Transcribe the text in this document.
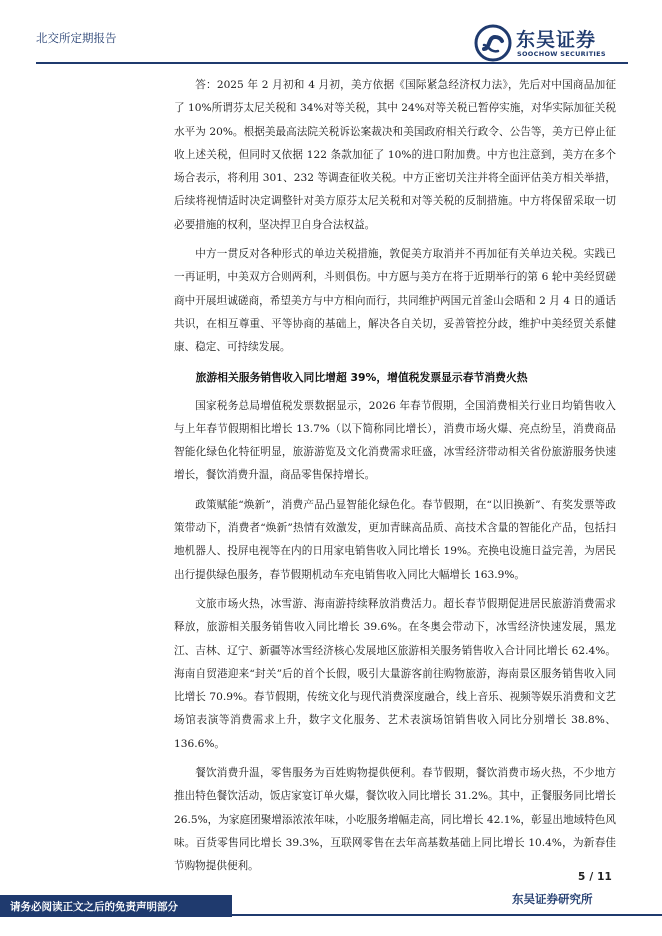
北交所定期报告	东吴证券
SOOCHOW SECURITIES

答：2025 年 2 月初和 4 月初，美方依据《国际紧急经济权力法》，先后对中国商品加征了 10%所谓芬太尼关税和 34%对等关税，其中 24%对等关税已暂停实施，对华实际加征关税水平为 20%。根据美最高法院关税诉讼案裁决和美国政府相关行政令、公告等，美方已停止征收上述关税，但同时又依据 122 条款加征了 10%的进口附加费。中方也注意到，美方在多个场合表示，将利用 301、232 等调查征收关税。中方正密切关注并将全面评估美方相关举措，后续将视情适时决定调整针对美方原芬太尼关税和对等关税的反制措施。中方将保留采取一切必要措施的权利，坚决捍卫自身合法权益。

中方一贯反对各种形式的单边关税措施，敦促美方取消并不再加征有关单边关税。实践已一再证明，中美双方合则两利，斗则俱伤。中方愿与美方在将于近期举行的第 6 轮中美经贸磋商中开展坦诚磋商，希望美方与中方相向而行，共同维护两国元首釜山会晤和 2 月 4 日的通话共识，在相互尊重、平等协商的基础上，解决各自关切，妥善管控分歧，维护中美经贸关系健康、稳定、可持续发展。

旅游相关服务销售收入同比增超 39%，增值税发票显示春节消费火热

国家税务总局增值税发票数据显示，2026 年春节假期，全国消费相关行业日均销售收入与上年春节假期相比增长 13.7%（以下简称同比增长），消费市场火爆、亮点纷呈，消费商品智能化绿色化特征明显，旅游游览及文化消费需求旺盛，冰雪经济带动相关省份旅游服务快速增长，餐饮消费升温，商品零售保持增长。

政策赋能“焕新”，消费产品凸显智能化绿色化。春节假期，在“以旧换新”、有奖发票等政策带动下，消费者“焕新”热情有效激发，更加青睐高品质、高技术含量的智能化产品，包括扫地机器人、投屏电视等在内的日用家电销售收入同比增长 19%。充换电设施日益完善，为居民出行提供绿色服务，春节假期机动车充电销售收入同比大幅增长 163.9%。

文旅市场火热，冰雪游、海南游持续释放消费活力。超长春节假期促进居民旅游消费需求释放，旅游相关服务销售收入同比增长 39.6%。在冬奥会带动下，冰雪经济快速发展，黑龙江、吉林、辽宁、新疆等冰雪经济核心发展地区旅游相关服务销售收入合计同比增长 62.4%。海南自贸港迎来“封关”后的首个长假，吸引大量游客前往购物旅游，海南景区服务销售收入同比增长 70.9%。春节假期，传统文化与现代消费深度融合，线上音乐、视频等娱乐消费和文艺场馆表演等消费需求上升，数字文化服务、艺术表演场馆销售收入同比分别增长 38.8%、136.6%。

餐饮消费升温，零售服务为百姓购物提供便利。春节假期，餐饮消费市场火热，不少地方推出特色餐饮活动，饭店家宴订单火爆，餐饮收入同比增长 31.2%。其中，正餐服务同比增长 26.5%，为家庭团聚增添浓浓年味，小吃服务增幅走高，同比增长 42.1%，彰显出地域特色风味。百货零售同比增长 39.3%，互联网零售在去年高基数基础上同比增长 10.4%，为新春佳节购物提供便利。

5 / 11
请务必阅读正文之后的免责声明部分
东吴证券研究所
